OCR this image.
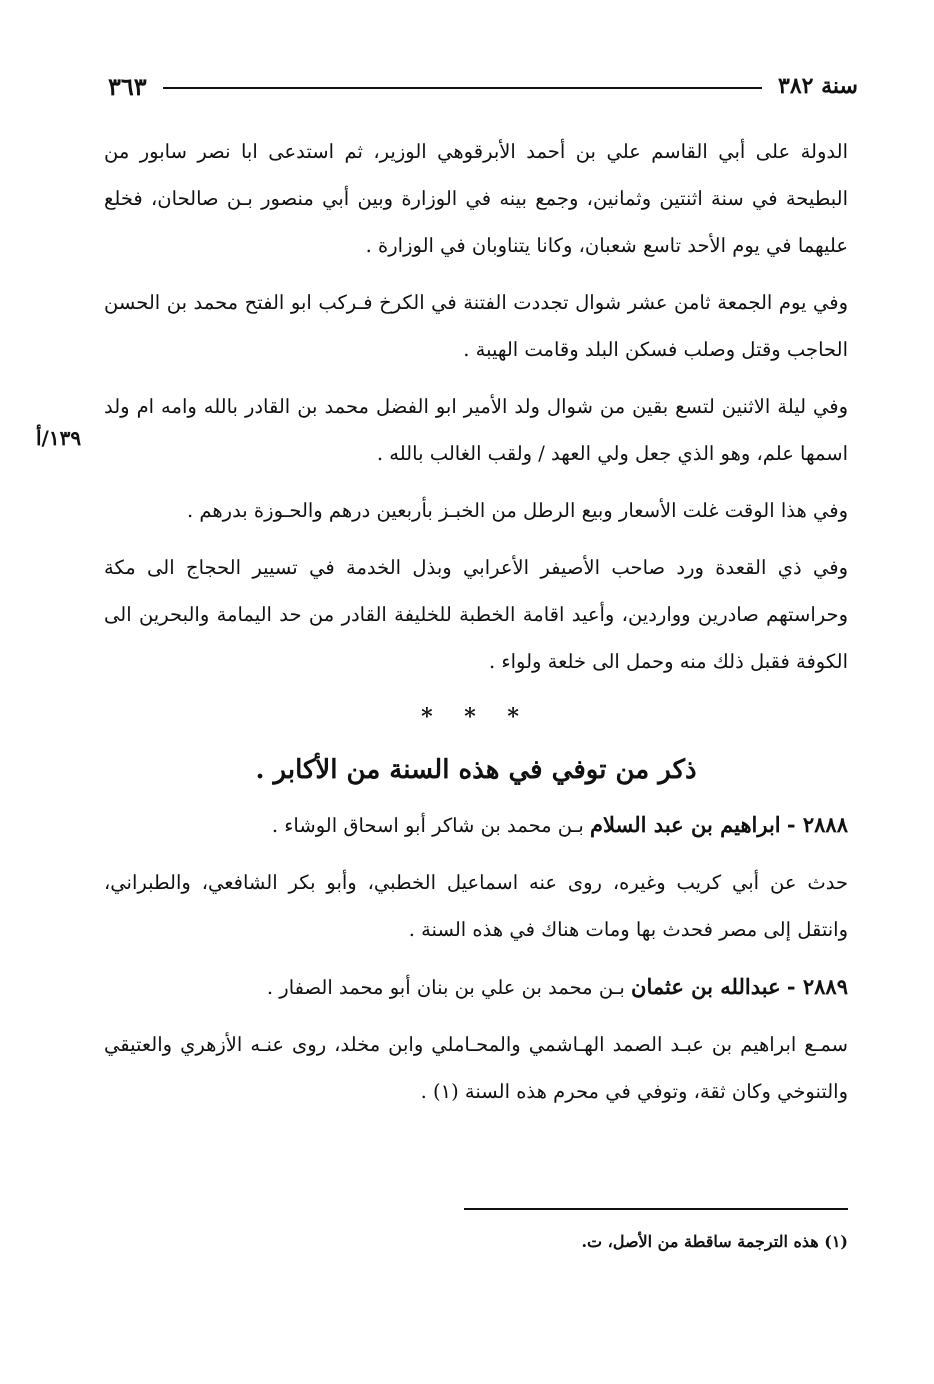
سنة ٣٨٢
٣٦٣
١٣٩/أ

الدولة على أبي القاسم علي بن أحمد الأبرقوهي الوزير، ثم استدعى ابا نصر سابور من البطيحة في سنة اثنتين وثمانين، وجمع بينه في الوزارة وبين أبي منصور بـن صالحان، فخلع عليهما في يوم الأحد تاسع شعبان، وكانا يتناوبان في الوزارة .

وفي يوم الجمعة ثامن عشر شوال تجددت الفتنة في الكرخ فـركب ابو الفتح محمد بن الحسن الحاجب وقتل وصلب فسكن البلد وقامت الهيبة .

وفي ليلة الاثنين لتسع بقين من شوال ولد الأمير ابو الفضل محمد بن القادر بالله وامه ام ولد اسمها علم، وهو الذي جعل ولي العهد / ولقب الغالب بالله .

وفي هذا الوقت غلت الأسعار وبيع الرطل من الخبـز بأربعين درهم والحـوزة بدرهم .

وفي ذي القعدة ورد صاحب الأصيفر الأعرابي وبذل الخدمة في تسيير الحجاج الى مكة وحراستهم صادرين وواردين، وأعيد اقامة الخطبة للخليفة القادر من حد اليمامة والبحرين الى الكوفة فقبل ذلك منه وحمل الى خلعة ولواء .

* * *
ذكر من توفي في هذه السنة من الأكابر .

٢٨٨٨ - ابراهيم بن عبد السلام بـن محمد بن شاكر أبو اسحاق الوشاء .

حدث عن أبي كريب وغيره، روى عنه اسماعيل الخطبي، وأبو بكر الشافعي، والطبراني، وانتقل إلى مصر فحدث بها ومات هناك في هذه السنة .

٢٨٨٩ - عبدالله بن عثمان بـن محمد بن علي بن بنان أبو محمد الصفار .

سمـع ابراهيم بن عبـد الصمد الهـاشمي والمحـاملي وابن مخلد، روى عنـه الأزهري والعتيقي والتنوخي وكان ثقة، وتوفي في محرم هذه السنة (١) .

(١) هذه الترجمة ساقطة من الأصل، ت.
